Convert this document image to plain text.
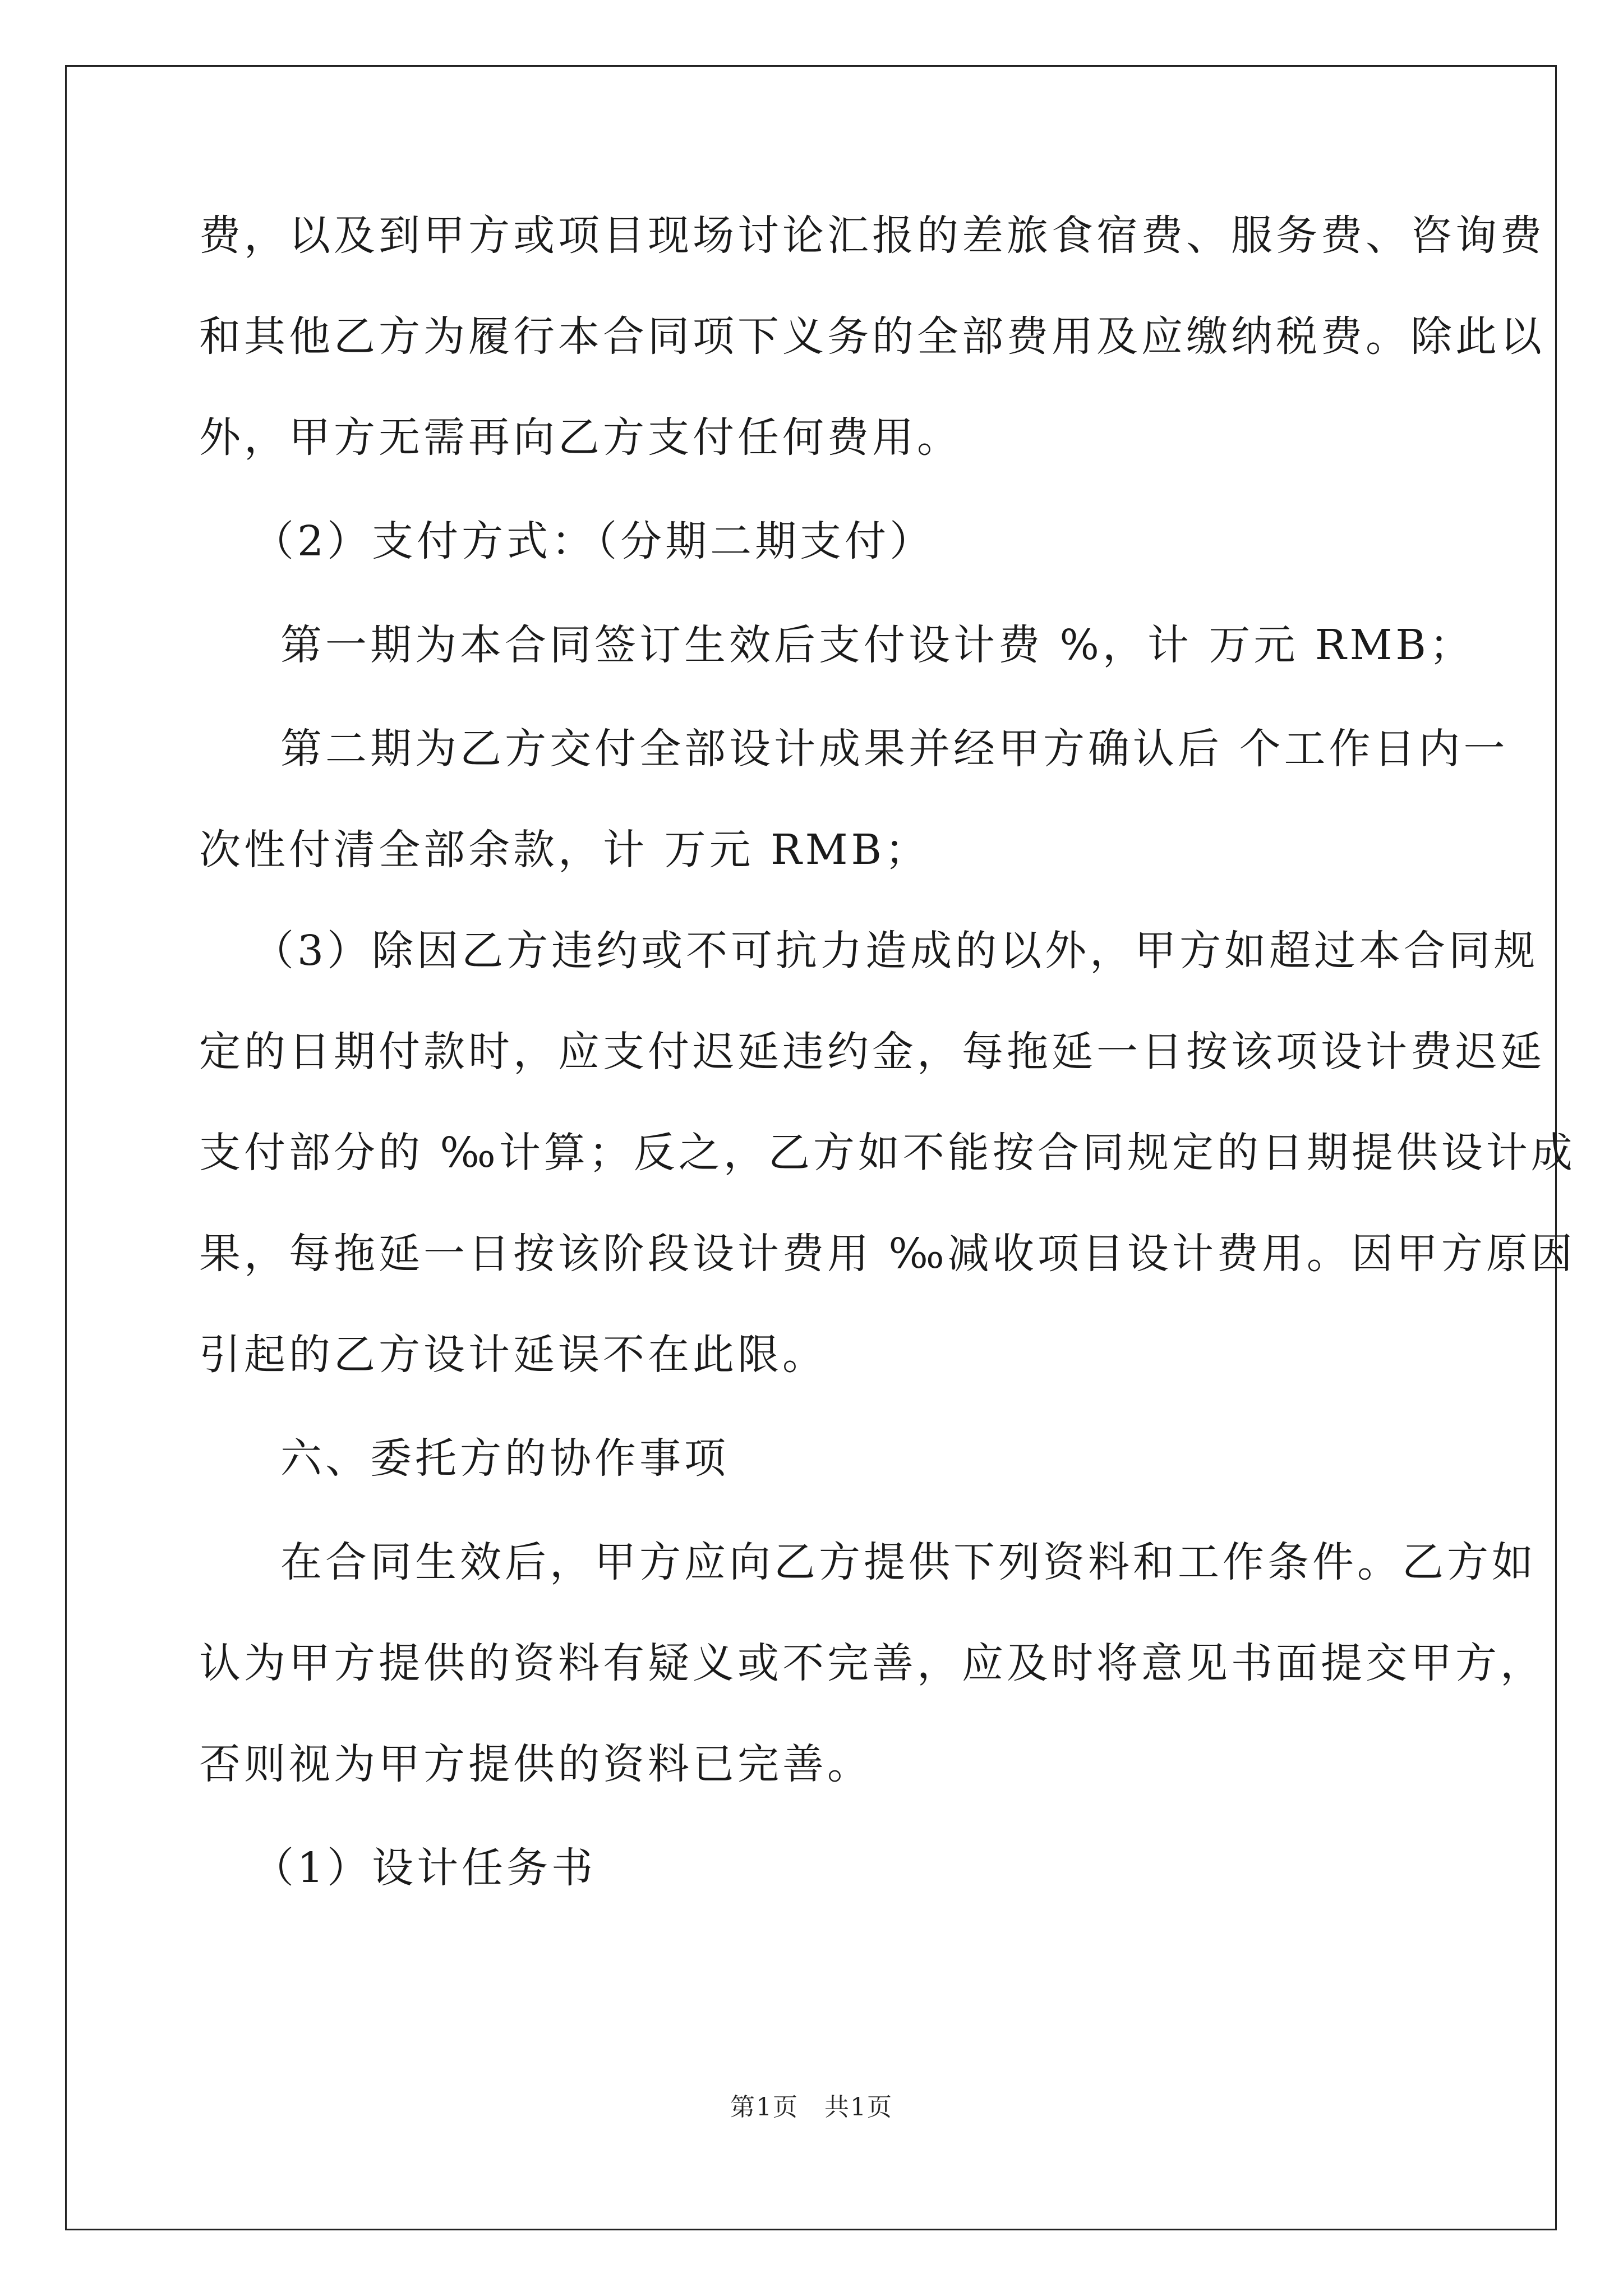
费，以及到甲方或项目现场讨论汇报的差旅食宿费、服务费、咨询费
和其他乙方为履行本合同项下义务的全部费用及应缴纳税费。除此以
外，甲方无需再向乙方支付任何费用。
（2）支付方式：（分期二期支付）
第一期为本合同签订生效后支付设计费 %，计 万元 RMB；
第二期为乙方交付全部设计成果并经甲方确认后 个工作日内一
次性付清全部余款，计 万元 RMB；
（3）除因乙方违约或不可抗力造成的以外，甲方如超过本合同规
定的日期付款时，应支付迟延违约金，每拖延一日按该项设计费迟延
支付部分的 ‰计算；反之，乙方如不能按合同规定的日期提供设计成
果，每拖延一日按该阶段设计费用 ‰减收项目设计费用。因甲方原因
引起的乙方设计延误不在此限。
六、委托方的协作事项
在合同生效后，甲方应向乙方提供下列资料和工作条件。乙方如
认为甲方提供的资料有疑义或不完善，应及时将意见书面提交甲方，
否则视为甲方提供的资料已完善。
（1）设计任务书
第1页　共1页
